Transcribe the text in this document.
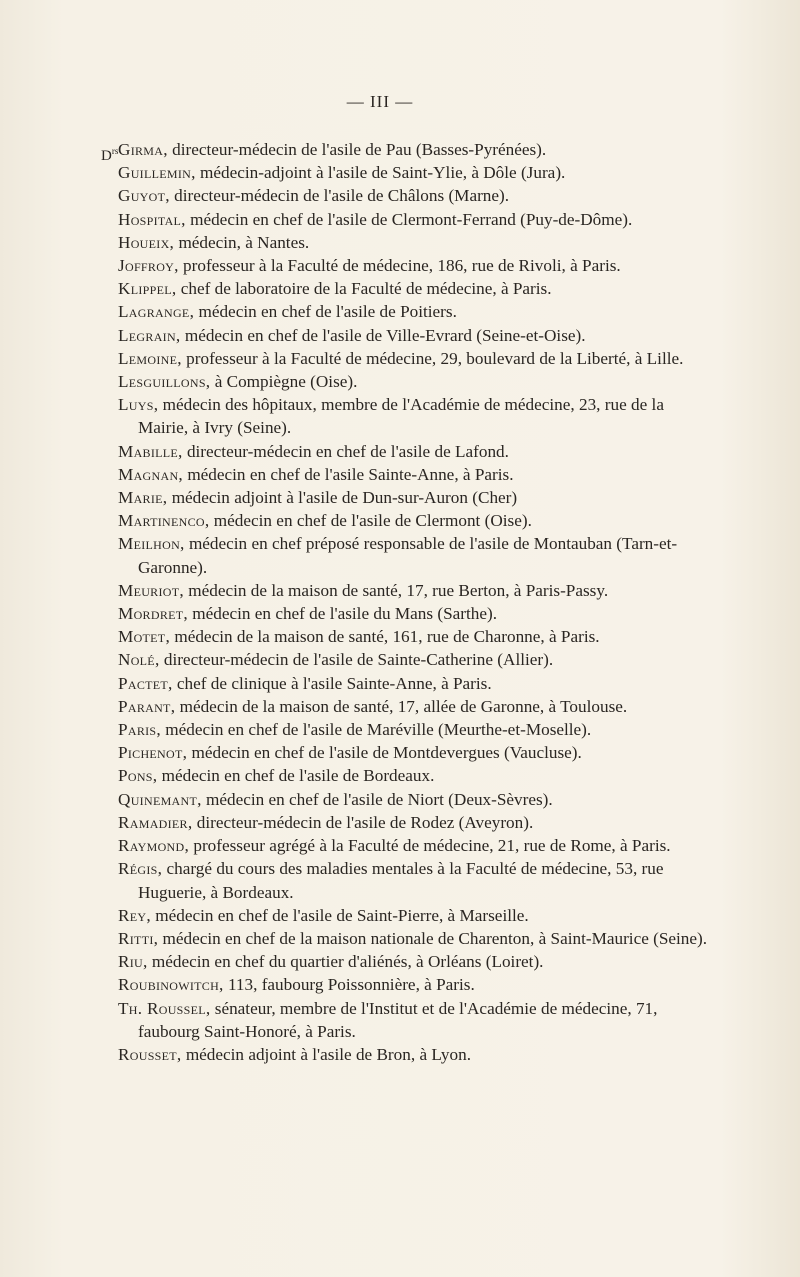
— III —
$D^{rs}$ Girma, directeur-médecin de l'asile de Pau (Basses-Pyrénées).
Guillemin, médecin-adjoint à l'asile de Saint-Ylie, à Dôle (Jura).
Guyot, directeur-médecin de l'asile de Châlons (Marne).
Hospital, médecin en chef de l'asile de Clermont-Ferrand (Puy-de-Dôme).
Houeix, médecin, à Nantes.
Joffroy, professeur à la Faculté de médecine, 186, rue de Rivoli, à Paris.
Klippel, chef de laboratoire de la Faculté de médecine, à Paris.
Lagrange, médecin en chef de l'asile de Poitiers.
Legrain, médecin en chef de l'asile de Ville-Evrard (Seine-et-Oise).
Lemoine, professeur à la Faculté de médecine, 29, boulevard de la Liberté, à Lille.
Lesguillons, à Compiègne (Oise).
Luys, médecin des hôpitaux, membre de l'Académie de médecine, 23, rue de la Mairie, à Ivry (Seine).
Mabille, directeur-médecin en chef de l'asile de Lafond.
Magnan, médecin en chef de l'asile Sainte-Anne, à Paris.
Marie, médecin adjoint à l'asile de Dun-sur-Auron (Cher)
Martinenco, médecin en chef de l'asile de Clermont (Oise).
Meilhon, médecin en chef préposé responsable de l'asile de Montauban (Tarn-et-Garonne).
Meuriot, médecin de la maison de santé, 17, rue Berton, à Paris-Passy.
Mordret, médecin en chef de l'asile du Mans (Sarthe).
Motet, médecin de la maison de santé, 161, rue de Charonne, à Paris.
Nolé, directeur-médecin de l'asile de Sainte-Catherine (Allier).
Pactet, chef de clinique à l'asile Sainte-Anne, à Paris.
Parant, médecin de la maison de santé, 17, allée de Garonne, à Toulouse.
Paris, médecin en chef de l'asile de Maréville (Meurthe-et-Moselle).
Pichenot, médecin en chef de l'asile de Montdevergues (Vaucluse).
Pons, médecin en chef de l'asile de Bordeaux.
Quinemant, médecin en chef de l'asile de Niort (Deux-Sèvres).
Ramadier, directeur-médecin de l'asile de Rodez (Aveyron).
Raymond, professeur agrégé à la Faculté de médecine, 21, rue de Rome, à Paris.
Régis, chargé du cours des maladies mentales à la Faculté de médecine, 53, rue Huguerie, à Bordeaux.
Rey, médecin en chef de l'asile de Saint-Pierre, à Marseille.
Ritti, médecin en chef de la maison nationale de Charenton, à Saint-Maurice (Seine).
Riu, médecin en chef du quartier d'aliénés, à Orléans (Loiret).
Roubinowitch, 113, faubourg Poissonnière, à Paris.
Th. Roussel, sénateur, membre de l'Institut et de l'Académie de médecine, 71, faubourg Saint-Honoré, à Paris.
Rousset, médecin adjoint à l'asile de Bron, à Lyon.
